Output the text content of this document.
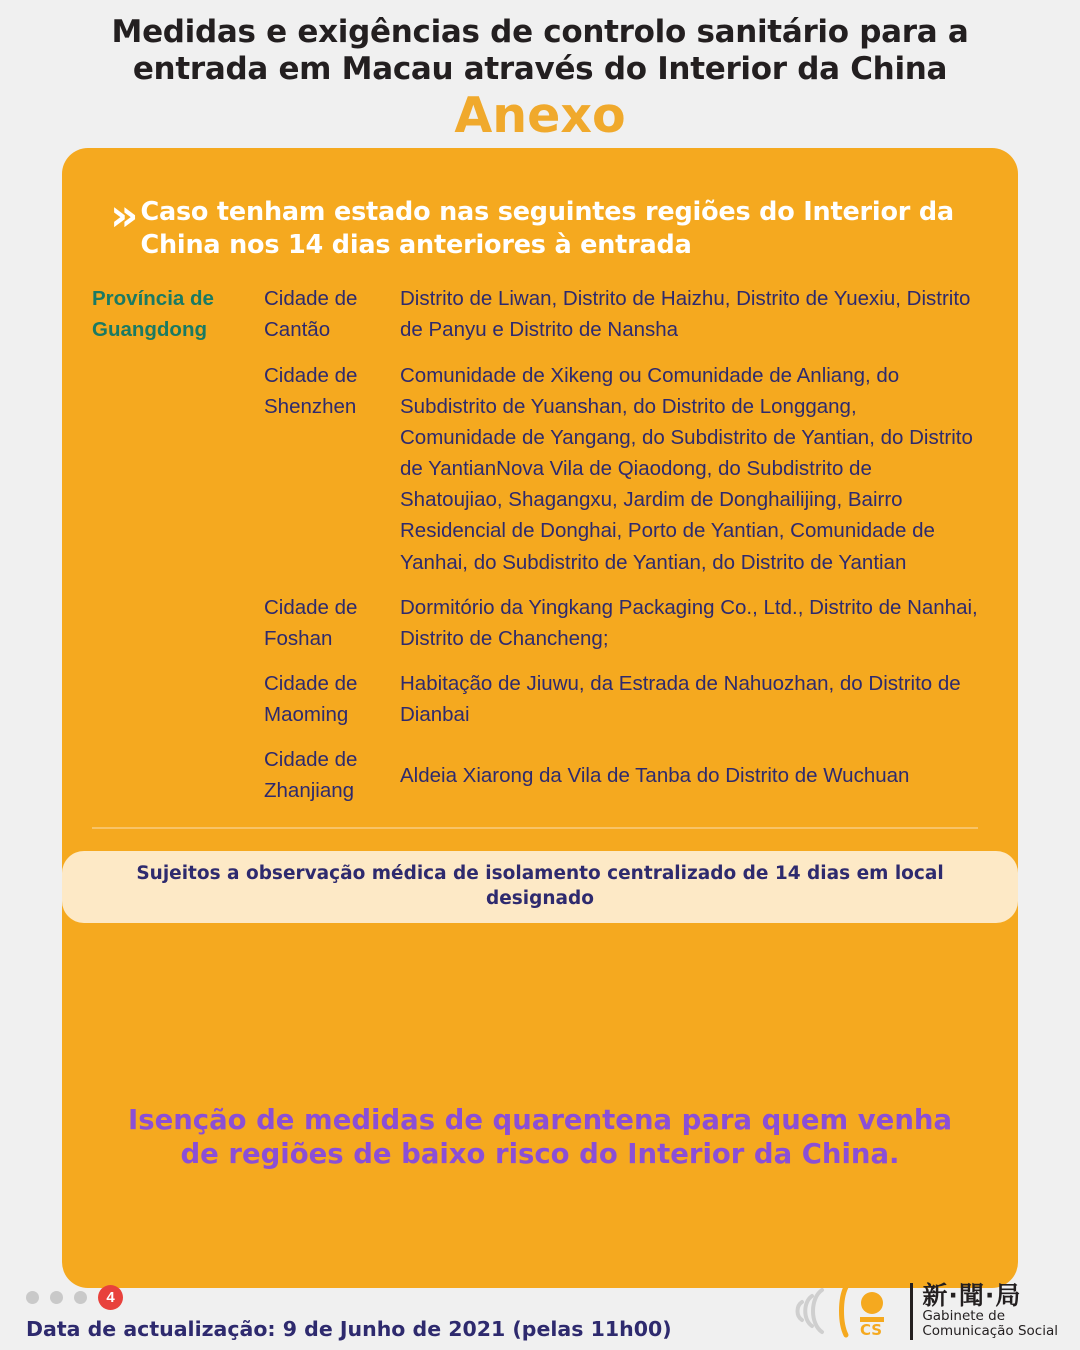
Medidas e exigências de controlo sanitário para a entrada em Macau através do Interior da China
Anexo
» Caso tenham estado nas seguintes regiões do Interior da China nos 14 dias anteriores à entrada
Província de Guangdong	Cidade de Cantão	Distrito de Liwan, Distrito de Haizhu, Distrito de Yuexiu, Distrito de Panyu e Distrito de Nansha
	Cidade de Shenzhen	Comunidade de Xikeng ou Comunidade de Anliang, do Subdistrito de Yuanshan, do Distrito de Longgang, Comunidade de Yangang, do Subdistrito de Yantian, do Distrito de YantianNova Vila de Qiaodong, do Subdistrito de Shatoujiao, Shagangxu, Jardim de Donghailijing, Bairro Residencial de Donghai, Porto de Yantian, Comunidade de Yanhai, do Subdistrito de Yantian, do Distrito de Yantian
	Cidade de Foshan	Dormitório da Yingkang Packaging Co., Ltd., Distrito de Nanhai, Distrito de Chancheng;
	Cidade de Maoming	Habitação de Jiuwu, da Estrada de Nahuozhan, do Distrito de Dianbai
	Cidade de Zhanjiang	Aldeia Xiarong da Vila de Tanba do Distrito de Wuchuan
Sujeitos a observação médica de isolamento centralizado de 14 dias em local designado
Isenção de medidas de quarentena para quem venha de regiões de baixo risco do Interior da China.
4
Data de actualização: 9 de Junho de 2021 (pelas 11h00)	CS
新·聞·局
Gabinete de
Comunicação Social
